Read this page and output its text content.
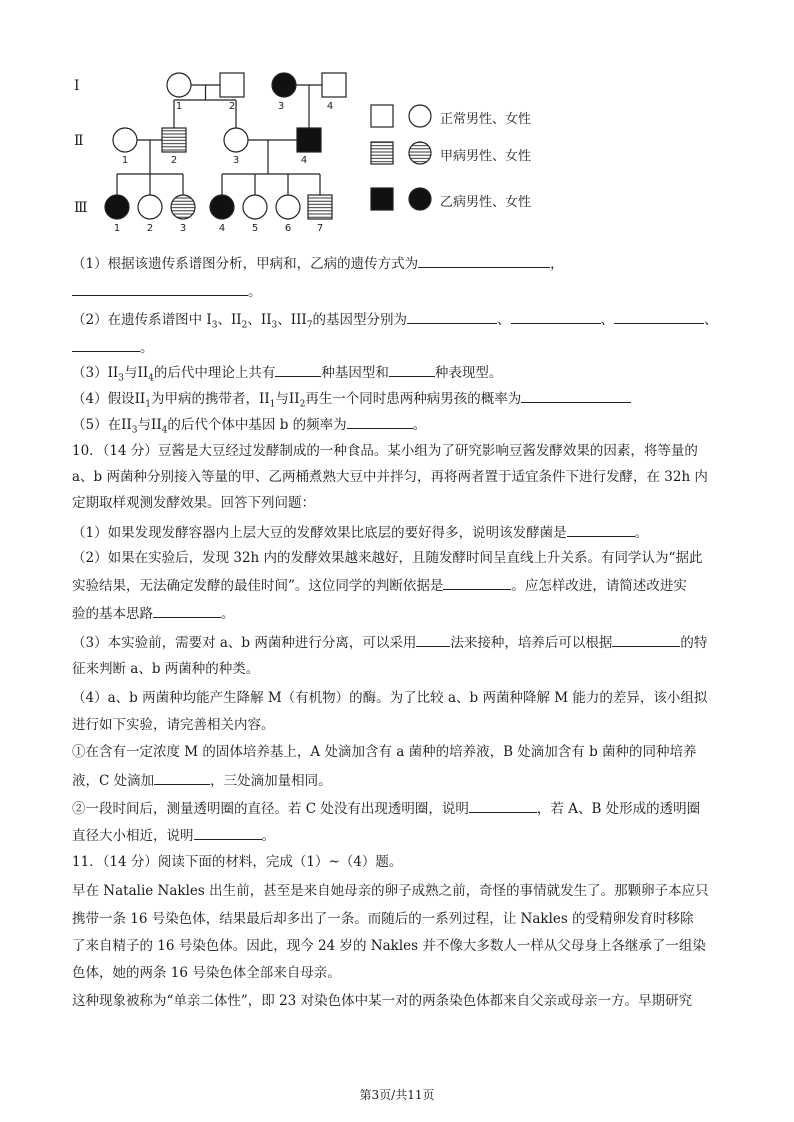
Ⅰ
Ⅱ
Ⅲ
1	2	3	4
1	2	3	4
1	2	3	4	5	6	7
正常男性、女性
甲病男性、女性
乙病男性、女性
（1）根据该遗传系谱图分析，甲病和，乙病的遗传方式为	，
。
（2）在遗传系谱图中 $I_3$、$II_2$、$II_3$、$III_7$的基因型分别为	、	、	、
。
$(3)II_3$与$II_4$的后代中理论上共有	种基因型和	种表现型。
（4）假设$II_1$为甲病的携带者，$II_1$与$II_2$再生一个同时患两种病男孩的概率为
（5）在$II_3$与$II_4$的后代个体中基因 b 的频率为	。
10．（14 分）豆酱是大豆经过发酵制成的一种食品。某小组为了研究影响豆酱发酵效果的因素，将等量的
a、b 两菌种分别接入等量的甲、乙两桶煮熟大豆中并拌匀，再将两者置于适宜条件下进行发酵，在 32h 内
定期取样观测发酵效果。回答下列问题：
（1）如果发现发酵容器内上层大豆的发酵效果比底层的要好得多，说明该发酵菌是	。
（2）如果在实验后，发现 32h 内的发酵效果越来越好，且随发酵时间呈直线上升关系。有同学认为“据此
实验结果，无法确定发酵的最佳时间”。这位同学的判断依据是	。应怎样改进，请简述改进实
验的基本思路	。
（3）本实验前，需要对 a、b 两菌种进行分离，可以采用	法来接种，培养后可以根据	的特
征来判断 a、b 两菌种的种类。
（4）a、b 两菌种均能产生降解 M（有机物）的酶。为了比较 a、b 两菌种降解 M 能力的差异，该小组拟
进行如下实验，请完善相关内容。
①在含有一定浓度 M 的固体培养基上，A 处滴加含有 a 菌种的培养液，B 处滴加含有 b 菌种的同种培养
液，C 处滴加	，三处滴加量相同。
②一段时间后，测量透明圈的直径。若 C 处没有出现透明圈，说明	，若 A、B 处形成的透明圈
直径大小相近，说明	。
11．（14 分）阅读下面的材料，完成（1）~（4）题。
早在 Natalie Nakles 出生前，甚至是来自她母亲的卵子成熟之前，奇怪的事情就发生了。那颗卵子本应只
携带一条 16 号染色体，结果最后却多出了一条。而随后的一系列过程，让 Nakles 的受精卵发育时移除
了来自精子的 16 号染色体。因此，现今 24 岁的 Nakles 并不像大多数人一样从父母身上各继承了一组染
色体，她的两条 16 号染色体全部来自母亲。
这种现象被称为“单亲二体性”，即 23 对染色体中某一对的两条染色体都来自父亲或母亲一方。早期研究
第3页/共11页
